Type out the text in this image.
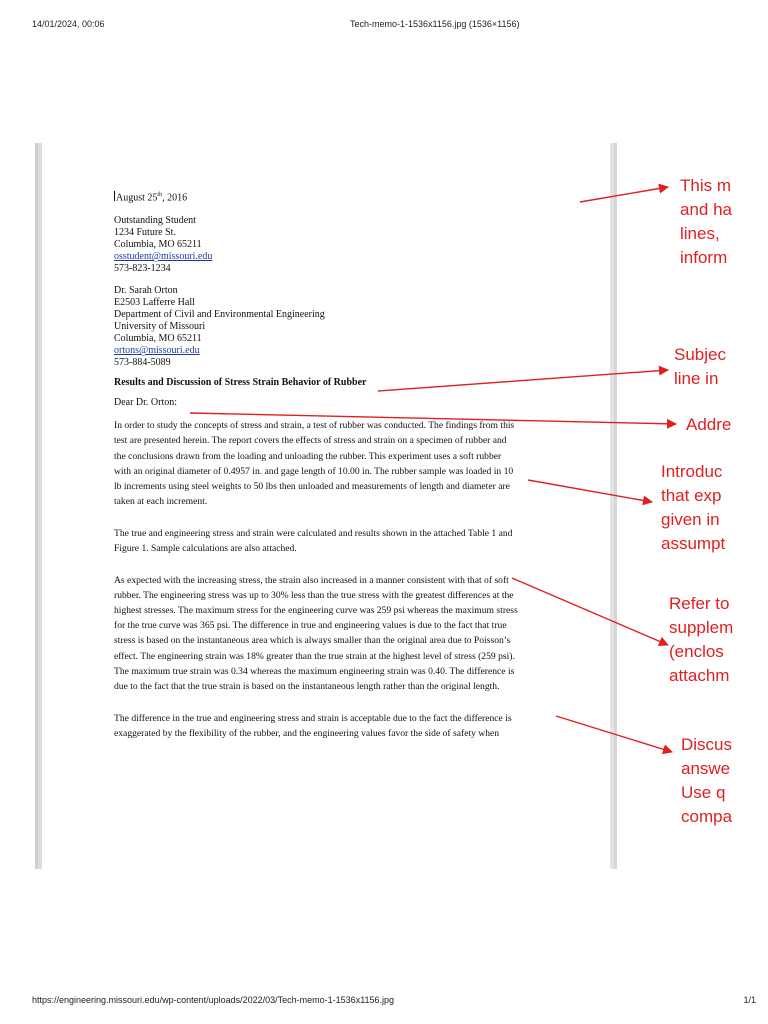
14/01/2024, 00:06	Tech-memo-1-1536x1156.jpg (1536×1156)
August 25th, 2016
Outstanding Student
1234 Future St.
Columbia, MO 65211
osstudent@missouri.edu
573-823-1234
Dr. Sarah Orton
E2503 Lafferre Hall
Department of Civil and Environmental Engineering
University of Missouri
Columbia, MO 65211
ortons@missouri.edu
573-884-5089
Results and Discussion of Stress Strain Behavior of Rubber
Dear Dr. Orton:
In order to study the concepts of stress and strain, a test of rubber was conducted. The findings from this
test are presented herein. The report covers the effects of stress and strain on a specimen of rubber and
the conclusions drawn from the loading and unloading the rubber. This experiment uses a soft rubber
with an original diameter of 0.4957 in. and gage length of 10.00 in. The rubber sample was loaded in 10
lb increments using steel weights to 50 lbs then unloaded and measurements of length and diameter are
taken at each increment.
The true and engineering stress and strain were calculated and results shown in the attached Table 1 and
Figure 1. Sample calculations are also attached.
As expected with the increasing stress, the strain also increased in a manner consistent with that of soft
rubber. The engineering stress was up to 30% less than the true stress with the greatest differences at the
highest stresses. The maximum stress for the engineering curve was 259 psi whereas the maximum stress
for the true curve was 365 psi. The difference in true and engineering values is due to the fact that true
stress is based on the instantaneous area which is always smaller than the original area due to Poisson’s
effect. The engineering strain was 18% greater than the true strain at the highest level of stress (259 psi).
The maximum true strain was 0.34 whereas the maximum engineering strain was 0.40. The difference is
due to the fact that the true strain is based on the instantaneous length rather than the original length.
The difference in the true and engineering stress and strain is acceptable due to the fact the difference is
exaggerated by the flexibility of the rubber, and the engineering values favor the side of safety when
This m
and ha
lines,
inform
Subjec
line in
Addre
Introduc
that exp
given in
assumpt
Refer to
supplem
(enclos
attachm
Discus
answe
Use q
compa
https://engineering.missouri.edu/wp-content/uploads/2022/03/Tech-memo-1-1536x1156.jpg	1/1
